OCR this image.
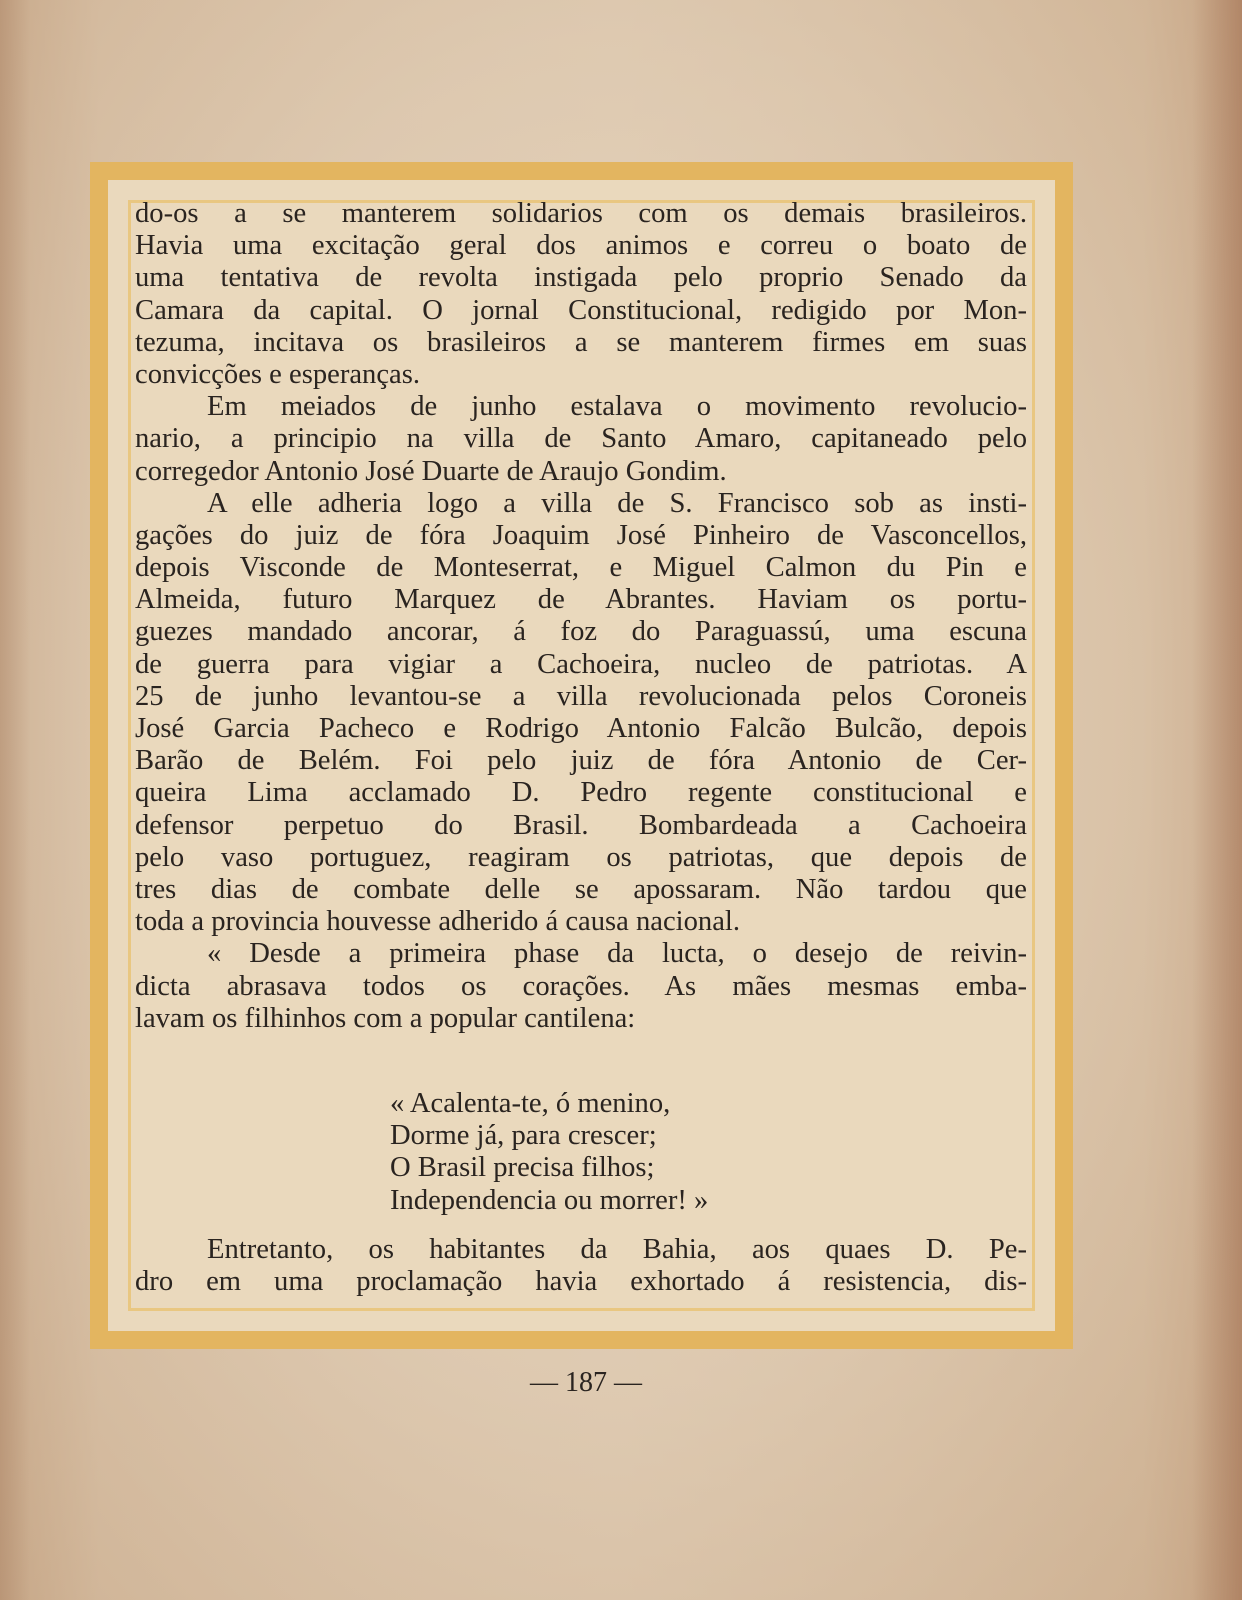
do-os a se manterem solidarios com os demais brasileiros.
Havia uma excitação geral dos animos e correu o boato de
uma tentativa de revolta instigada pelo proprio Senado da
Camara da capital. O jornal Constitucional, redigido por Mon-
tezuma, incitava os brasileiros a se manterem firmes em suas
convicções e esperanças.
Em meiados de junho estalava o movimento revolucio-
nario, a principio na villa de Santo Amaro, capitaneado pelo
corregedor Antonio José Duarte de Araujo Gondim.
A elle adheria logo a villa de S. Francisco sob as insti-
gações do juiz de fóra Joaquim José Pinheiro de Vasconcellos,
depois Visconde de Monteserrat, e Miguel Calmon du Pin e
Almeida, futuro Marquez de Abrantes. Haviam os portu-
guezes mandado ancorar, á foz do Paraguassú, uma escuna
de guerra para vigiar a Cachoeira, nucleo de patriotas. A
25 de junho levantou-se a villa revolucionada pelos Coroneis
José Garcia Pacheco e Rodrigo Antonio Falcão Bulcão, depois
Barão de Belém. Foi pelo juiz de fóra Antonio de Cer-
queira Lima acclamado D. Pedro regente constitucional e
defensor perpetuo do Brasil. Bombardeada a Cachoeira
pelo vaso portuguez, reagiram os patriotas, que depois de
tres dias de combate delle se apossaram. Não tardou que
toda a provincia houvesse adherido á causa nacional.
« Desde a primeira phase da lucta, o desejo de reivin-
dicta abrasava todos os corações. As mães mesmas emba-
lavam os filhinhos com a popular cantilena:
« Acalenta-te, ó menino,
Dorme já, para crescer;
O Brasil precisa filhos;
Independencia ou morrer! »
Entretanto, os habitantes da Bahia, aos quaes D. Pe-
dro em uma proclamação havia exhortado á resistencia, dis-
— 187 —
